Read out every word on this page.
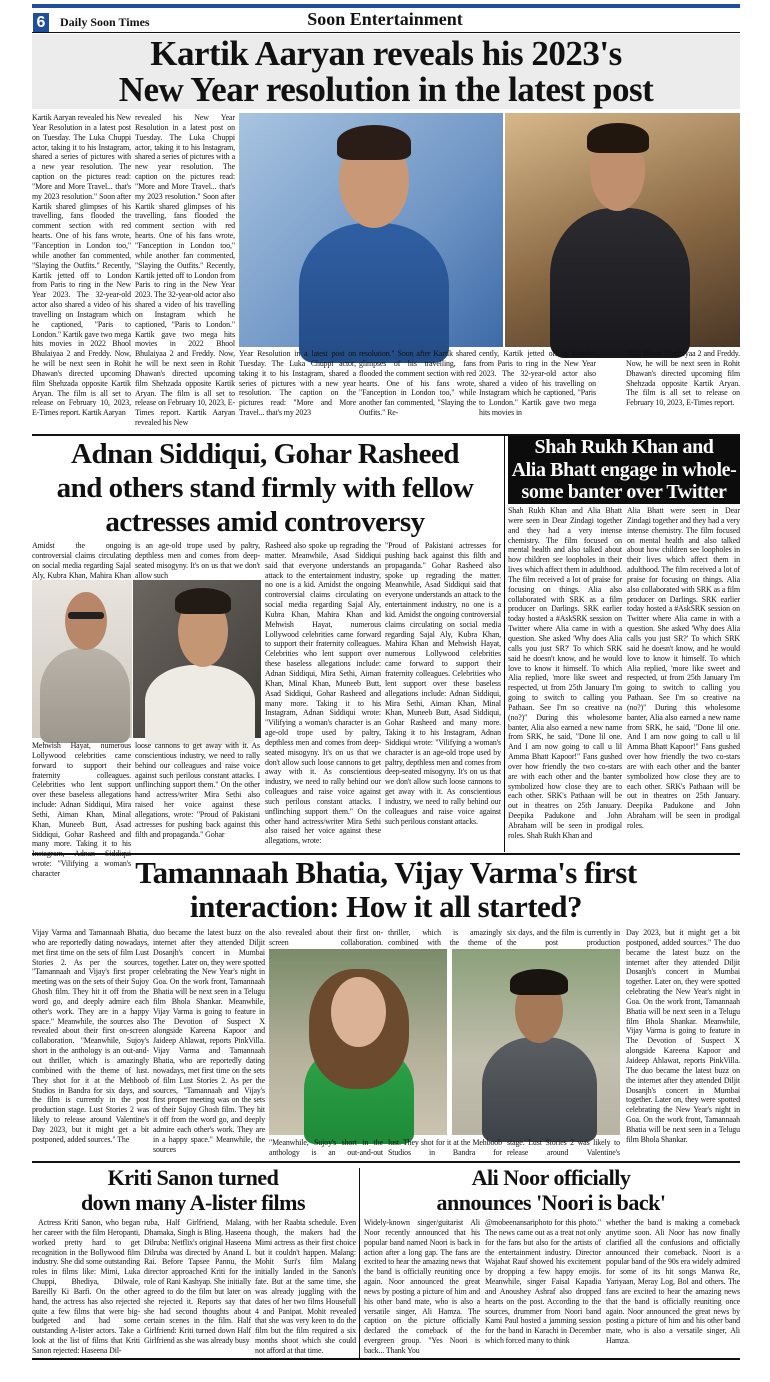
6 Daily Soon Times	Soon Entertainment
Kartik Aaryan reveals his 2023's
New Year resolution in the latest post
Kartik Aaryan revealed his New Year Resolution in a latest post on Tuesday. The Luka Chuppi actor, taking it to his Instagram, shared a series of pictures with a new year resolution. The caption on the pictures read: "More and More Travel... that's my 2023 resolution." Soon after Kartik shared glimpses of his travelling, fans flooded the comment section with red hearts. One of his fans wrote, "Fanception in London too," while another fan commented, "Slaying the Outfits." Recently, Kartik jetted off to London from Paris to ring in the New Year 2023. The 32-year-old actor also shared a video of his travelling on Instagram which he captioned, "Paris to London." Kartik gave two mega hits movies in 2022 Bhool Bhulaiyaa 2 and Freddy. Now, he will be next seen in Rohit Dhawan's directed upcoming film Shehzada opposite Kartik Aryan. The film is all set to release on February 10, 2023, E-Times report. Kartik Aaryan
revealed his New Year Resolution in a latest post on Tuesday. The Luka Chuppi actor, taking it to his Instagram, shared a series of pictures with a new year resolution. The caption on the pictures read: "More and More Travel... that's my 2023 resolution." Soon after Kartik shared glimpses of his travelling, fans flooded the comment section with red hearts. One of his fans wrote, "Fanception in London too," while another fan commented, "Slaying the Outfits." Recently, Kartik jetted off to London from Paris to ring in the New Year 2023. The 32-year-old actor also shared a video of his travelling on Instagram which he captioned, "Paris to London." Kartik gave two mega hits movies in 2022 Bhool Bhulaiyaa 2 and Freddy. Now, he will be next seen in Rohit Dhawan's directed upcoming film Shehzada opposite Kartik Aryan. The film is all set to release on February 10, 2023, E-Times report. Kartik Aaryan revealed his New
Year Resolution in a latest post on Tuesday. The Luka Chuppi actor, taking it to his Instagram, shared a series of pictures with a new year resolution. The caption on the pictures read: "More and More Travel... that's my 2023
resolution." Soon after Kartik shared glimpses of his travelling, fans flooded the comment section with red hearts. One of his fans wrote, "Fanception in London too," while another fan commented, "Slaying the Outfits." Re-
cently, Kartik jetted off to London from Paris to ring in the New Year 2023. The 32-year-old actor also shared a video of his travelling on Instagram which he captioned, "Paris to London." Kartik gave two mega hits movies in
2022 Bhool Bhulaiyaa 2 and Freddy. Now, he will be next seen in Rohit Dhawan's directed upcoming film Shehzada opposite Kartik Aryan. The film is all set to release on February 10, 2023, E-Times report.
Adnan Siddiqui, Gohar Rasheed
and others stand firmly with fellow
actresses amid controversy
Amidst the ongoing controversial claims circulating on social media regarding Sajal Aly, Kubra Khan, Mahira Khan
is an age-old trope used by paltry, depthless men and comes from deep-seated misogyny. It's on us that we don't allow such
Mehwish Hayat, numerous Lollywood celebrities came forward to support their fraternity colleagues. Celebrities who lent support over these baseless allegations include: Adnan Siddiqui, Mira Sethi, Aiman Khan, Minal Khan, Muneeb Butt, Asad Siddiqui, Gohar Rasheed and many more. Taking it to his wrote: "Vilifying a woman's character
loose cannons to get away with it. As conscientious industry, we need to rally behind our colleagues and raise voice against such perilous constant attacks. I unflinching support them." On the other hand actress/writer Mira Sethi also raised her voice against these allegations, wrote: "Proud of Pakistani actresses for pushing back against this filth and propaganda." Gohar
Rasheed also spoke up regrading the matter. Meanwhile, Asad Siddiqui said that everyone understands an attack to the entertainment industry, no one is a kid. Amidst the ongoing controversial claims circulating on social media regarding Sajal Aly, Kubra Khan, Mahira Khan and Mehwish Hayat, numerous Lollywood celebrities came forward to support their fraternity colleagues. Celebrities who lent support over these baseless allegations include: Adnan Siddiqui, Mira Sethi, Aiman Khan, Minal Khan, Muneeb Butt, Asad Siddiqui, Gohar Rasheed and many more. Taking it to his Instagram, Adnan Siddiqui wrote: "Vilifying a woman's character is an age-old trope used by paltry, depthless men and comes from deep-seated misogyny. It's on us that we don't allow such loose cannons to get away with it. As conscientious industry, we need to rally behind our colleagues and raise voice against such perilous constant attacks. I unflinching support them." On the other hand actress/writer Mira Sethi also raised her voice against these allegations, wrote:
"Proud of Pakistani actresses for pushing back against this filth and propaganda." Gohar Rasheed also spoke up regrading the matter. Meanwhile, Asad Siddiqui said that everyone understands an attack to the entertainment industry, no one is a kid. Amidst the ongoing controversial claims circulating on social media regarding Sajal Aly, Kubra Khan, Mahira Khan and Mehwish Hayat, numerous Lollywood celebrities came forward to support their fraternity colleagues. Celebrities who lent support over these baseless allegations include: Adnan Siddiqui, Mira Sethi, Aiman Khan, Minal Khan, Muneeb Butt, Asad Siddiqui, Gohar Rasheed and many more. Taking it to his Instagram, Adnan Siddiqui wrote: "Vilifying a woman's character is an age-old trope used by paltry, depthless men and comes from deep-seated misogyny. It's on us that we don't allow such loose cannons to get away with it. As conscientious industry, we need to rally behind our colleagues and raise voice against such perilous constant attacks.
Shah Rukh Khan and
Alia Bhatt engage in whole-
some banter over Twitter
Shah Rukh Khan and Alia Bhatt were seen in Dear Zindagi together and they had a very intense chemistry. The film focused on mental health and also talked about how children see loopholes in their lives which affect them in adulthood. The film received a lot of praise for focusing on things. Alia also collaborated with SRK as a film producer on Darlings. SRK earlier today hosted a #AskSRK session on Twitter where Alia came in with a question. She asked 'Why does Alia calls you just SR?' To which SRK said he doesn't know, and he would love to know it himself. To which Alia replied, 'more like sweet and respected, ut from 25th January I'm going to switch to calling you Pathaan. See I'm so creative na (no?)" During this wholesome banter, Alia also earned a new name from SRK, he said, "Done lil one. And I am now going to call u lil Amma Bhatt Kapoor!" Fans gushed over how friendly the two co-stars are with each other and the banter symbolized how close they are to each other. SRK's Pathaan will be out in theatres on 25th January. Deepika Padukone and John Abraham will be seen in prodigal roles. Shah Rukh Khan and
Alia Bhatt were seen in Dear Zindagi together and they had a very intense chemistry. The film focused on mental health and also talked about how children see loopholes in their lives which affect them in adulthood. The film received a lot of praise for focusing on things. Alia also collaborated with SRK as a film producer on Darlings. SRK earlier today hosted a #AskSRK session on Twitter where Alia came in with a question. She asked 'Why does Alia calls you just SR?' To which SRK said he doesn't know, and he would love to know it himself. To which Alia replied, 'more like sweet and respected, ut from 25th January I'm going to switch to calling you Pathaan. See I'm so creative na (no?)" During this wholesome banter, Alia also earned a new name from SRK, he said, "Done lil one. And I am now going to call u lil Amma Bhatt Kapoor!" Fans gushed over how friendly the two co-stars are with each other and the banter symbolized how close they are to each other. SRK's Pathaan will be out in theatres on 25th January. Deepika Padukone and John Abraham will be seen in prodigal roles.
Tamannaah Bhatia, Vijay Varma's first
interaction: How it all started?
Vijay Varma and Tamannaah Bhatia, who are reportedly dating nowadays, met first time on the sets of film Lust Stories 2. As per the sources, "Tamannaah and Vijay's first proper meeting was on the sets of their Sujoy Ghosh film. They hit it off from the word go, and deeply admire each other's work. They are in a happy space." Meanwhile, the sources also revealed about their first on-screen collaboration. "Meanwhile, Sujoy's short in the anthology is an out-and-out thriller, which is amazingly combined with the theme of lust. They shot for it at the Mehboob Studios in Bandra for six days, and the film is currently in the post production stage. Lust Stories 2 was likely to release around Valentine's Day 2023, but it might get a bit postponed, added sources." The
duo became the latest buzz on the internet after they attended Diljit Dosanjh's concert in Mumbai together. Later on, they were spotted celebrating the New Year's night in Goa. On the work front, Tamannaah Bhatia will be next seen in a Telugu film Bhola Shankar. Meanwhile, Vijay Varma is going to feature in The Devotion of Suspect X alongside Kareena Kapoor and Jaideep Ahlawat, reports PinkVilla. Vijay Varma and Tamannaah Bhatia, who are reportedly dating nowadays, met first time on the sets of film Lust Stories 2. As per the sources, "Tamannaah and Vijay's first proper meeting was on the sets of their Sujoy Ghosh film. They hit it off from the word go, and deeply admire each other's work. They are in a happy space." Meanwhile, the sources
also revealed about their first on-screen collaboration.
thriller, which is amazingly combined with the theme of
six days, and the film is currently in the post production
"Meanwhile, Sujoy's short in the anthology is an out-and-out
lust. They shot for it at the Mehboob Studios in Bandra for
stage. Lust Stories 2 was likely to release around Valentine's
Day 2023, but it might get a bit postponed, added sources." The duo became the latest buzz on the internet after they attended Diljit Dosanjh's concert in Mumbai together. Later on, they were spotted celebrating the New Year's night in Goa. On the work front, Tamannaah Bhatia will be next seen in a Telugu film Bhola Shankar. Meanwhile, Vijay Varma is going to feature in The Devotion of Suspect X alongside Kareena Kapoor and Jaideep Ahlawat, reports PinkVilla. The duo became the latest buzz on the internet after they attended Diljit Dosanjh's concert in Mumbai together. Later on, they were spotted celebrating the New Year's night in Goa. On the work front, Tamannaah Bhatia will be next seen in a Telugu film Bhola Shankar.
Kriti Sanon turned
down many A-lister films
Actress Kriti Sanon, who began her career with the film Heropanti, worked pretty hard to get recognition in the Bollywood film industry. She did some outstanding roles in films like: Mimi, Luka Chuppi, Bhediya, Dilwale, Bareilly Ki Barfi. On the other hand, the actress has also rejected quite a few films that were big-budgeted and had some outstanding A-lister actors. Take a look at the list of films that Kriti Sanon rejected: Haseena Dil-
ruba, Half Girlfriend, Malang, Dhamaka, Singh is Bling. Haseena Dilruba: Netflix's original Haseena Dilruba was directed by Anand L Rai. Before Tapsee Pannu, the director approached Kriti for the role of Rani Kashyap. She initially agreed to do the film but later on she rejected it. Reports say that she had second thoughts about certain scenes in the film. Half Girlfriend: Kriti turned down Half Girlfriend as she was already busy
with her Raabta schedule. Even though, the makers had the Mimi actress as their first choice but it couldn't happen. Malang: Mohit Suri's film Malang initially landed in the Sanon's fate. But at the same time, she was already juggling with the dates of her two films Housefull 4 and Panipat. Mohit revealed that she was very keen to do the film but the film required a six months shoot which she could not afford at that time.
Ali Noor officially
announces 'Noori is back'
Widely-known singer/guitarist Ali Noor recently announced that his popular band named Noori is back in action after a long gap. The fans are excited to hear the amazing news that the band is officially reuniting once again. Noor announced the great news by posting a picture of him and his other band mate, who is also a versatile singer, Ali Hamza. The caption on the picture officially declared the comeback of the evergreen group. "Yes Noori is back... Thank You
@mobeenansariphoto for this photo." The news came out as a treat not only for the fans but also for the artists of the entertainment industry. Director Wajahat Rauf showed his excitement by dropping a few happy emojis. Meanwhile, singer Faisal Kapadia and Anoushey Ashraf also dropped hearts on the post. According to the sources, drummer from Noori band Kami Paul hosted a jamming session for the band in Karachi in December which forced many to think
whether the band is making a comeback anytime soon. Ali Noor has now finally clarified all the confusions and officially announced their comeback. Noori is a popular band of the 90s era widely admired for some of its hit songs Manwa Re, Yariyaan, Meray Log, Bol and others. The fans are excited to hear the amazing news that the band is officially reuniting once again. Noor announced the great news by posting a picture of him and his other band mate, who is also a versatile singer, Ali Hamza.
